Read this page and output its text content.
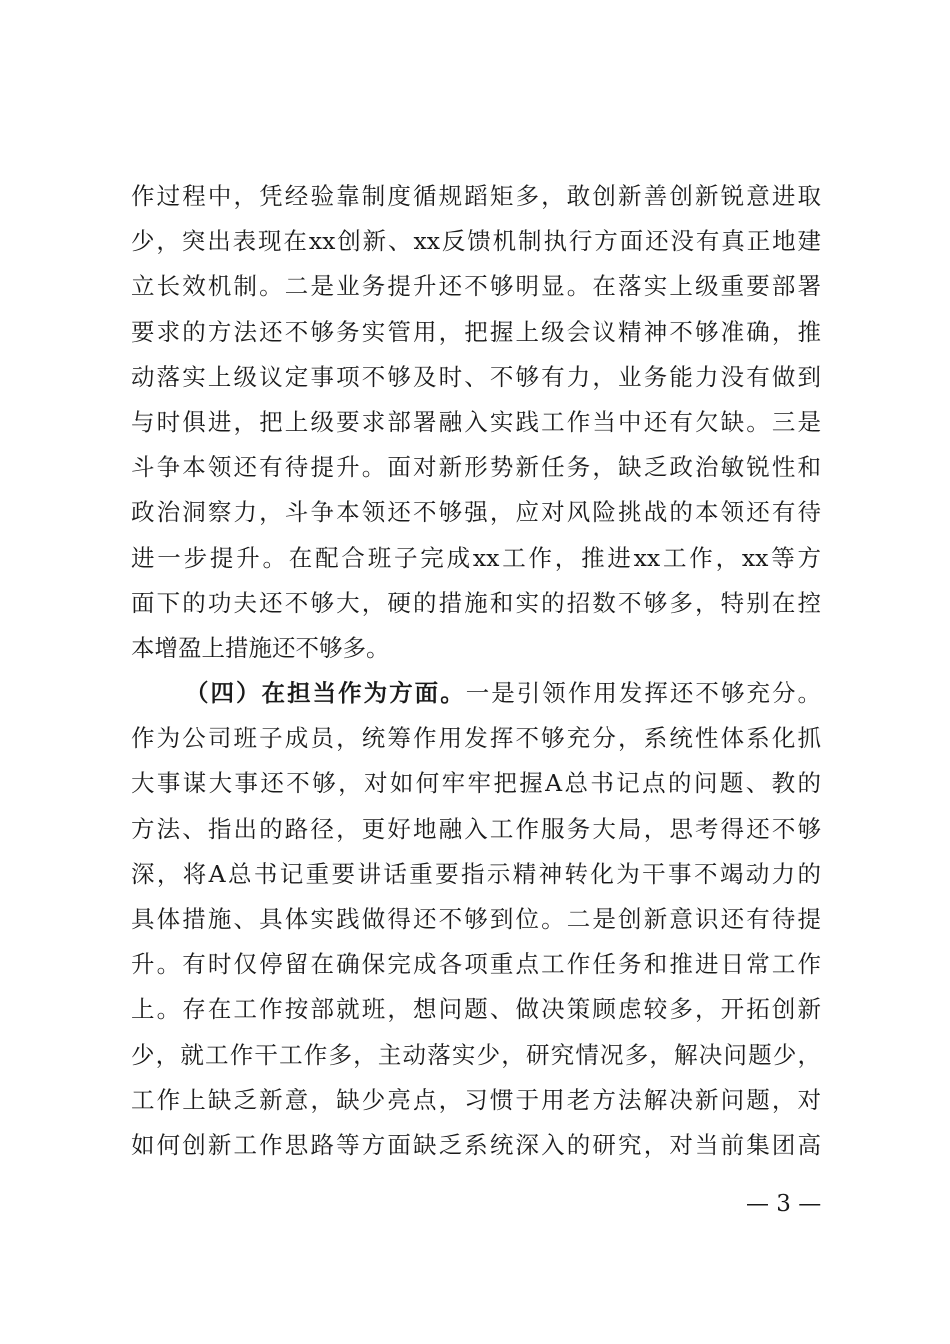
作过程中，凭经验靠制度循规蹈矩多，敢创新善创新锐意进取
少，突出表现在xx创新、xx反馈机制执行方面还没有真正地建
立长效机制。二是业务提升还不够明显。在落实上级重要部署
要求的方法还不够务实管用，把握上级会议精神不够准确，推
动落实上级议定事项不够及时、不够有力，业务能力没有做到
与时俱进，把上级要求部署融入实践工作当中还有欠缺。三是
斗争本领还有待提升。面对新形势新任务，缺乏政治敏锐性和
政治洞察力，斗争本领还不够强，应对风险挑战的本领还有待
进一步提升。在配合班子完成xx工作，推进xx工作，xx等方
面下的功夫还不够大，硬的措施和实的招数不够多，特别在控
本增盈上措施还不够多。
（四）在担当作为方面。一是引领作用发挥还不够充分。
作为公司班子成员，统筹作用发挥不够充分，系统性体系化抓
大事谋大事还不够，对如何牢牢把握A总书记点的问题、教的
方法、指出的路径，更好地融入工作服务大局，思考得还不够
深，将A总书记重要讲话重要指示精神转化为干事不竭动力的
具体措施、具体实践做得还不够到位。二是创新意识还有待提
升。有时仅停留在确保完成各项重点工作任务和推进日常工作
上。存在工作按部就班，想问题、做决策顾虑较多，开拓创新
少，就工作干工作多，主动落实少，研究情况多，解决问题少，
工作上缺乏新意，缺少亮点，习惯于用老方法解决新问题，对
如何创新工作思路等方面缺乏系统深入的研究，对当前集团高
— 3 —
